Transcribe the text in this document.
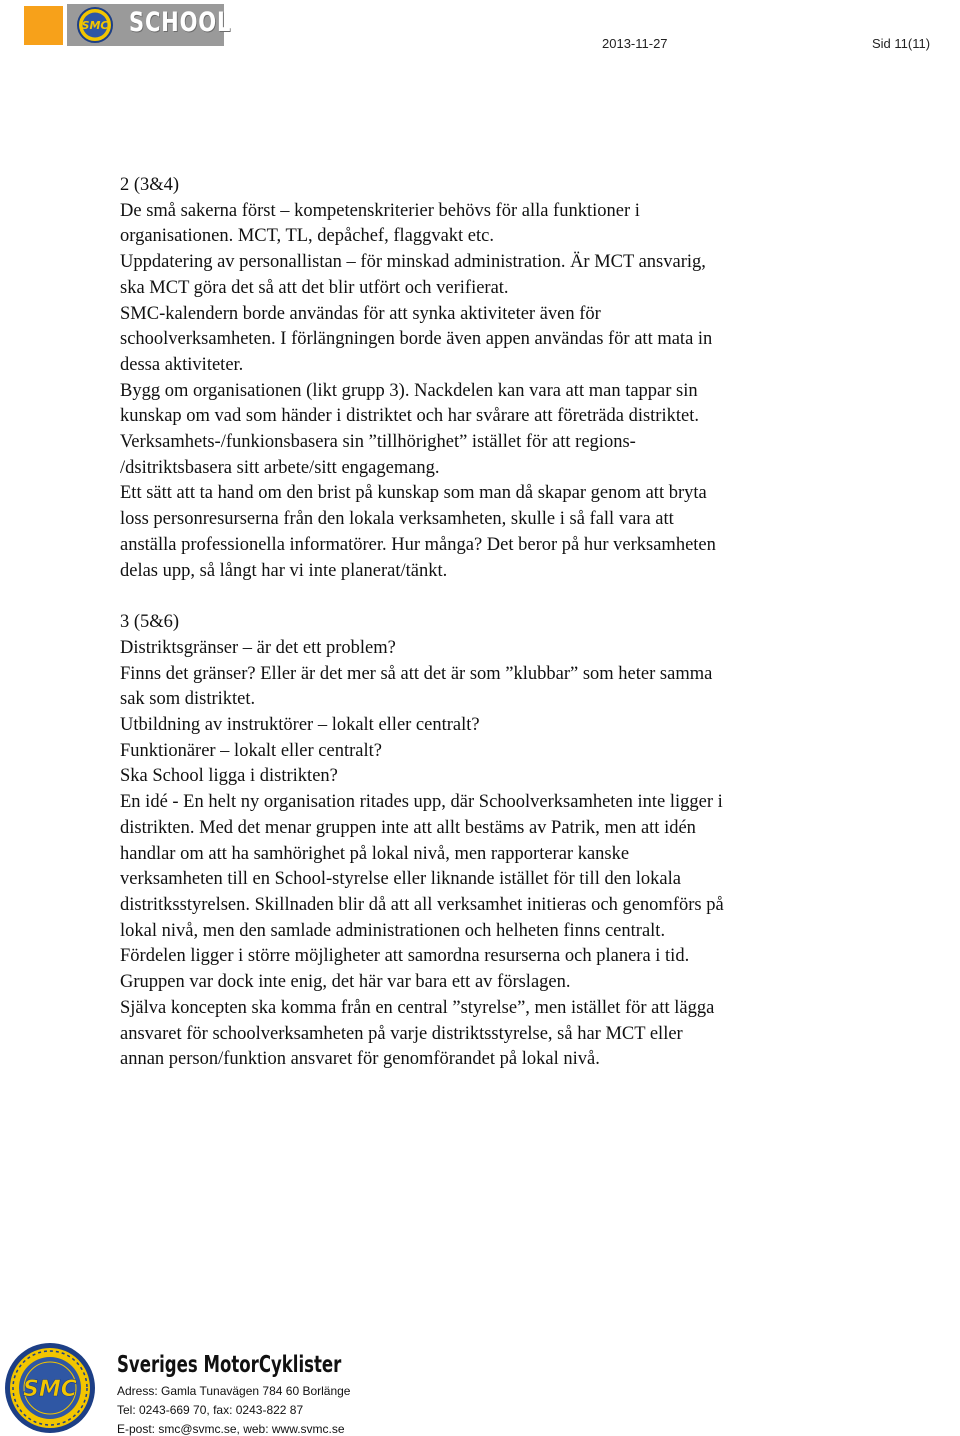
SMC SCHOOL
2013-11-27	Sid 11(11)
2 (3&4)
De små sakerna först – kompetenskriterier behövs för alla funktioner i
organisationen. MCT, TL, depåchef, flaggvakt etc.
Uppdatering av personallistan – för minskad administration. Är MCT ansvarig,
ska MCT göra det så att det blir utfört och verifierat.
SMC-kalendern borde användas för att synka aktiviteter även för
schoolverksamheten. I förlängningen borde även appen användas för att mata in
dessa aktiviteter.
Bygg om organisationen (likt grupp 3). Nackdelen kan vara att man tappar sin
kunskap om vad som händer i distriktet och har svårare att företräda distriktet.
Verksamhets-/funkionsbasera sin ”tillhörighet” istället för att regions-
/dsitriktsbasera sitt arbete/sitt engagemang.
Ett sätt att ta hand om den brist på kunskap som man då skapar genom att bryta
loss personresurserna från den lokala verksamheten, skulle i så fall vara att
anställa professionella informatörer. Hur många? Det beror på hur verksamheten
delas upp, så långt har vi inte planerat/tänkt.
3 (5&6)
Distriktsgränser – är det ett problem?
Finns det gränser? Eller är det mer så att det är som ”klubbar” som heter samma
sak som distriktet.
Utbildning av instruktörer – lokalt eller centralt?
Funktionärer – lokalt eller centralt?
Ska School ligga i distrikten?
En idé - En helt ny organisation ritades upp, där Schoolverksamheten inte ligger i
distrikten. Med det menar gruppen inte att allt bestäms av Patrik, men att idén
handlar om att ha samhörighet på lokal nivå, men rapporterar kanske
verksamheten till en School-styrelse eller liknande istället för till den lokala
distritksstyrelsen. Skillnaden blir då att all verksamhet initieras och genomförs på
lokal nivå, men den samlade administrationen och helheten finns centralt.
Fördelen ligger i större möjligheter att samordna resurserna och planera i tid.
Gruppen var dock inte enig, det här var bara ett av förslagen.
Själva koncepten ska komma från en central ”styrelse”, men istället för att lägga
ansvaret för schoolverksamheten på varje distriktsstyrelse, så har MCT eller
annan person/funktion ansvaret för genomförandet på lokal nivå.
SMC
Sveriges MotorCyklister
Adress: Gamla Tunavägen 784 60 Borlänge
Tel: 0243-669 70, fax: 0243-822 87
E-post: smc@svmc.se, web: www.svmc.se
